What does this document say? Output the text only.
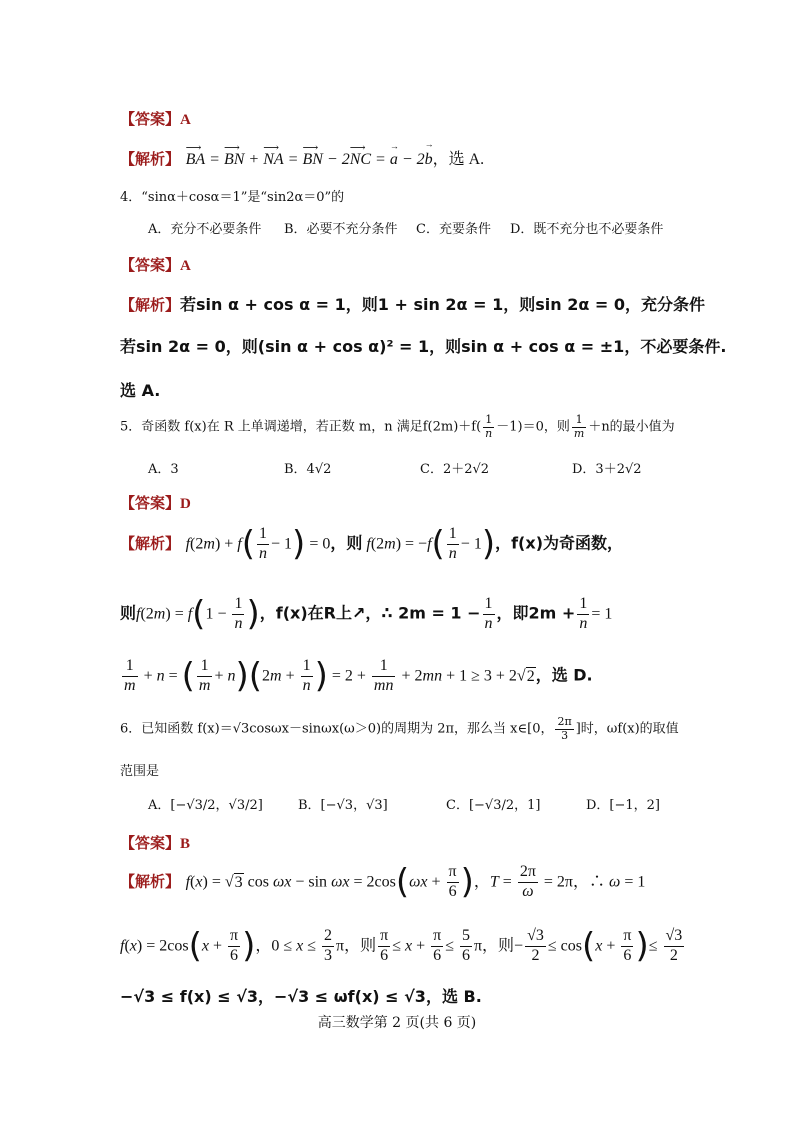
【答案】A
【解析】 BA
⟶
= BN
⟶
+ NA
⟶
= BN
⟶
− 2NC
⟶
= a
→
− 2b
→
，选 A.
4．“sinα＋cosα＝1”是“sin2α＝0”的
A．充分不必要条件 B．必要不充分条件 C．充要条件 D．既不充分也不必要条件
【答案】A
【解析】若sin α + cos α = 1，则1 + sin 2α = 1，则sin 2α = 0，充分条件
若sin 2α = 0，则(sin α + cos α)² = 1，则sin α + cos α = ±1，不必要条件.
选 A.
5．奇函数 f(x)在 R 上单调递增，若正数 m，n 满足$f(2m)+f( \frac{1}{n} -1)=0$，则 $\frac{1}{m} +n$的最小值为
A．3	B．4√2	C．2＋2√2	D．3＋2√2
【答案】D
【解析】 $f(2m) + f( \frac{1}{n} - 1) = 0$，则 $f(2m) = -f( \frac{1}{n} - 1)$，f(x)为奇函数，
则$f(2m) = f(1 - \frac{1}{n}$ )，f(x)在R上↗，∴ $2m = 1 - \frac{1}{n}$ ，即$2m + \frac{1}{n} = 1$
$\frac{1}{m} + n$ = ( $\frac{1}{m} + n)(2m + \frac{1}{n}$ ) = $2 + \frac{1}{mn} + 2mn + 1 \ge 3 + 2√2$，选 D.
6．已知函数 f(x)＝√3cosωx－sinωx(ω＞0)的周期为 2π，那么当 x∈[0， $\frac{2\pi}{3}$ ]时，ωf(x)的取值
范围是
A．[−√3/2，√3/2]	B．[−√3，√3]	C．[−√3/2，1]	D．[−1，2]
【答案】B
【解析】 f(x) = √3 $\cos \omega x - \sin \omega x = 2\cos(\omega x + \frac{\pi}{6}$ )，$T = \frac{2\pi}{\omega} = 2\pi$，∴ ω = 1
$f(x) = 2\cos(x + \frac{\pi}{6}$ )，$0 \le x \le \frac{2}{3}$ π，则 $\frac{\pi}{6} \le x + \frac{\pi}{6} \le \frac{5}{6}$ π，则− $\frac{√3}{2} \le \cos(x + \frac{\pi}{6}$ )≤ $\frac{√3}{2}$
−√3 ≤ f(x) ≤ √3，−√3 ≤ ωf(x) ≤ √3，选 B.
高三数学第 2 页(共 6 页)
